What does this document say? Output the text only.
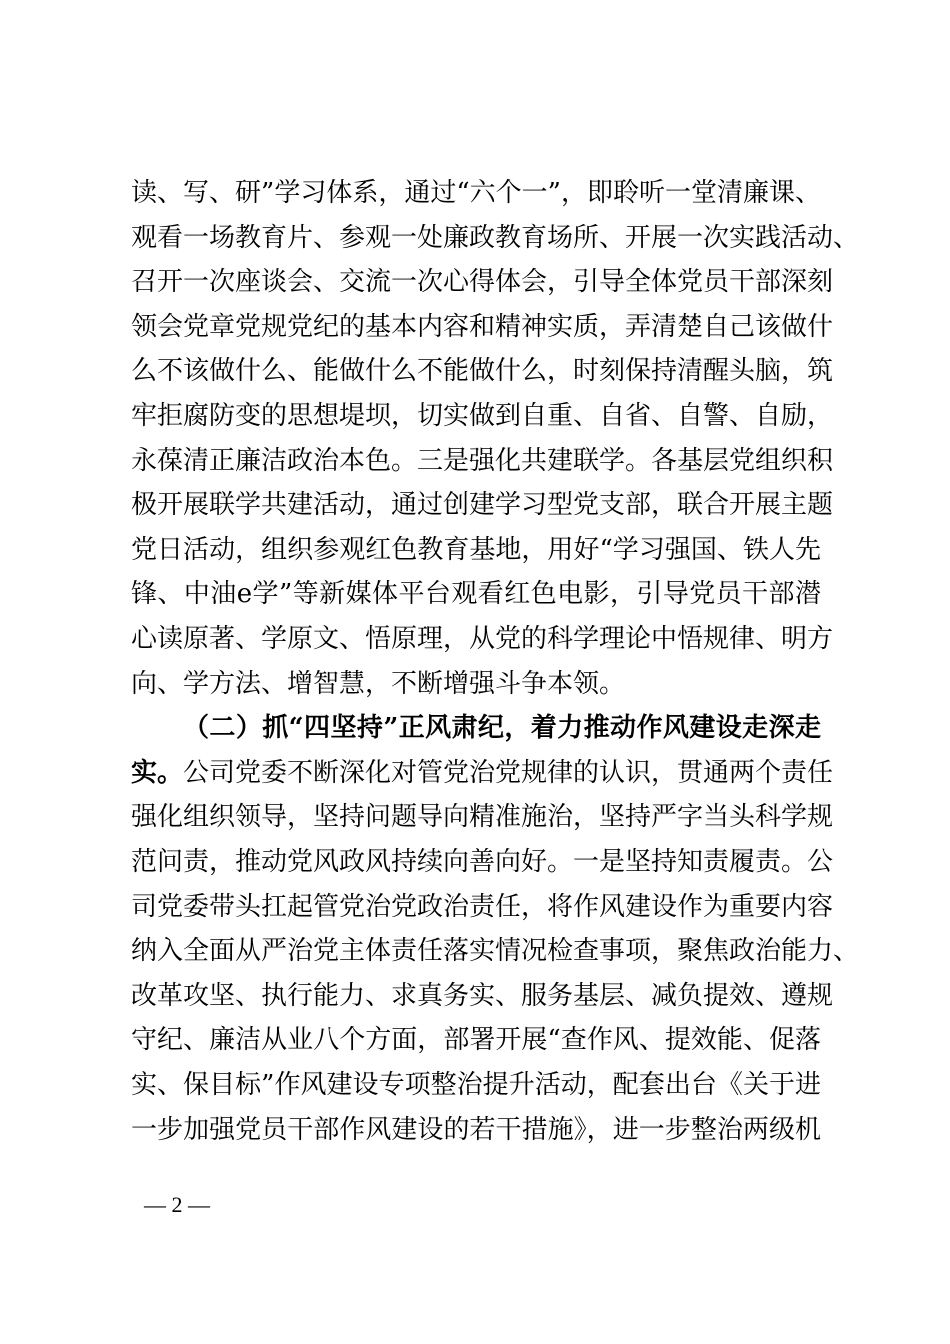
读、写、研”学习体系，通过“六个一”，即聆听一堂清廉课、
观看一场教育片、参观一处廉政教育场所、开展一次实践活动、
召开一次座谈会、交流一次心得体会，引导全体党员干部深刻
领会党章党规党纪的基本内容和精神实质，弄清楚自己该做什
么不该做什么、能做什么不能做什么，时刻保持清醒头脑，筑
牢拒腐防变的思想堤坝，切实做到自重、自省、自警、自励，
永葆清正廉洁政治本色。三是强化共建联学。各基层党组织积
极开展联学共建活动，通过创建学习型党支部，联合开展主题
党日活动，组织参观红色教育基地，用好“学习强国、铁人先
锋、中油e学”等新媒体平台观看红色电影，引导党员干部潜
心读原著、学原文、悟原理，从党的科学理论中悟规律、明方
向、学方法、增智慧，不断增强斗争本领。
（二）抓“四坚持”正风肃纪，着力推动作风建设走深走
实。公司党委不断深化对管党治党规律的认识，贯通两个责任
强化组织领导，坚持问题导向精准施治，坚持严字当头科学规
范问责，推动党风政风持续向善向好。一是坚持知责履责。公
司党委带头扛起管党治党政治责任，将作风建设作为重要内容
纳入全面从严治党主体责任落实情况检查事项，聚焦政治能力、
改革攻坚、执行能力、求真务实、服务基层、减负提效、遵规
守纪、廉洁从业八个方面，部署开展“查作风、提效能、促落
实、保目标”作风建设专项整治提升活动，配套出台《关于进
一步加强党员干部作风建设的若干措施》，进一步整治两级机
— 2 —
